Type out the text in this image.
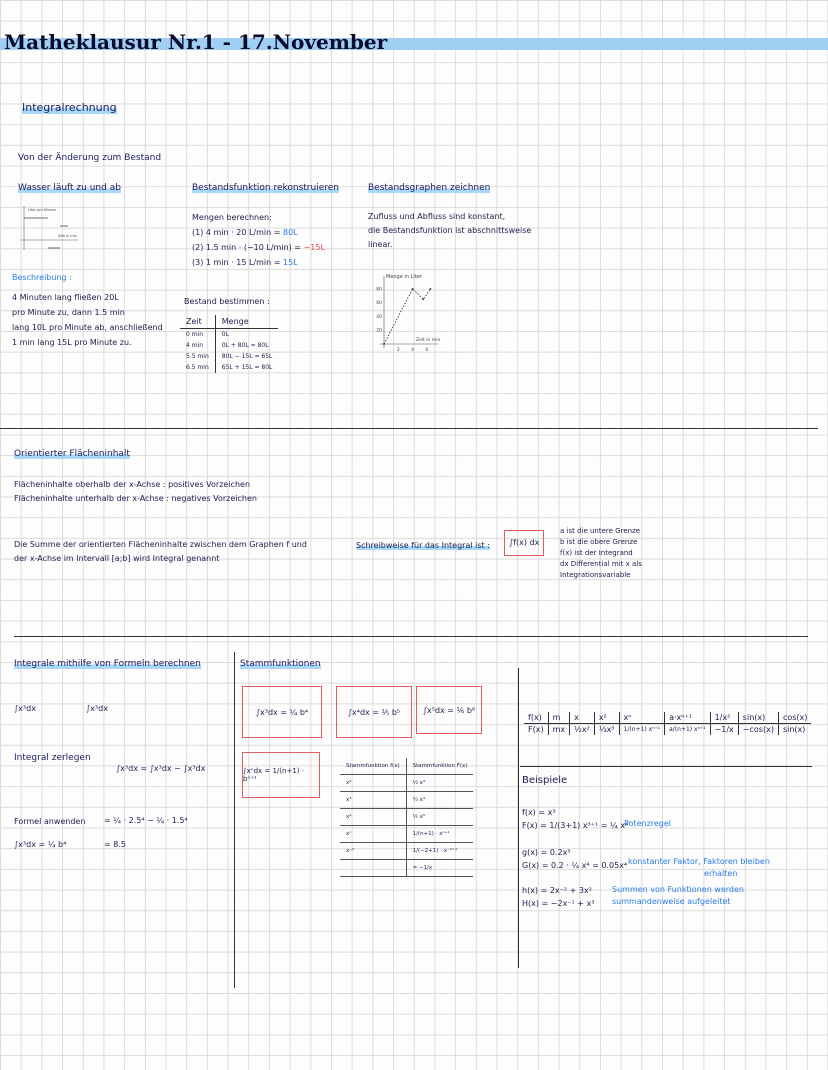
Matheklausur Nr.1 - 17.November
Integralrechnung
Von der Änderung zum Bestand
Wasser läuft zu und ab
Liter pro Minute
Zeit in min
Beschreibung :
4 Minuten lang fließen 20L
pro Minute zu, dann 1.5 min
lang 10L pro Minute ab, anschließend
1 min lang 15L pro Minute zu.
Bestandsfunktion rekonstruieren
Mengen berechnen:
(1) 4 min · 20 L/min = 80L
(2) 1.5 min · (−10 L/min) = −15L
(3) 1 min · 15 L/min = 15L
Bestand bestimmen :
Zeit	Menge
0 min	0L
4 min	0L + 80L = 80L
5.5 min	80L − 15L = 65L
6.5 min	65L + 15L = 80L
Bestandsgraphen zeichnen
Zufluss und Abfluss sind konstant,
die Bestandsfunktion ist abschnittsweise
linear.
Menge in Liter
Zeit in min
20
40
60
80
2	4	6
Orientierter Flächeninhalt
Flächeninhalte oberhalb der x-Achse : positives Vorzeichen
Flächeninhalte unterhalb der x-Achse : negatives Vorzeichen
Die Summe der orientierten Flächeninhalte zwischen dem Graphen f und
der x-Achse im Intervall [a;b] wird Integral genannt
Schreibweise für das Integral ist :	∫f(x) dx
a ist die untere Grenze
b ist die obere Grenze
f(x) ist der Integrand
dx Differential mit x als
Integrationsvariable
Integrale mithilfe von Formeln berechnen
∫x³dx	∫x³dx
Integral zerlegen
∫x³dx = ∫x³dx − ∫x³dx
Formel anwenden
∫x³dx = ¼ b⁴
= ¼ · 2.5⁴ − ¼ · 1.5⁴
= 8.5
Stammfunktionen
∫x³dx = ¼ b⁴	∫x⁴dx = ⅕ b⁵	∫x⁵dx = ⅙ b⁶
∫xⁿdx = 1/(n+1) · bⁿ⁺¹
Stammfunktion f(x)	Stammfunktion F(x)
x²	⅓ x³
x³	¼ x⁴
x⁴	⅕ x⁵
xⁿ	1/(n+1) · xⁿ⁺¹
x⁻²	1/(−2+1) · x⁻²⁺¹
	= −1/x
f(x)	m	x	x²	xⁿ	a·xⁿ⁺¹	1/x²	sin(x)	cos(x)
F(x)	mx	½x²	⅓x³	1/(n+1) xⁿ⁺¹	a/(n+1) xⁿ⁺¹	−1/x	−cos(x)	sin(x)
Beispiele
f(x) = x³
F(x) = 1/(3+1) x³⁺¹ = ¼ x⁴
Potenzregel
g(x) = 0.2x³
G(x) = 0.2 · ¼ x⁴ = 0.05x⁴ konstanter Faktor, Faktoren bleiben
erhalten
h(x) = 2x⁻² + 3x²
H(x) = −2x⁻¹ + x³
Summen von Funktionen werden
summandenweise aufgeleitet
